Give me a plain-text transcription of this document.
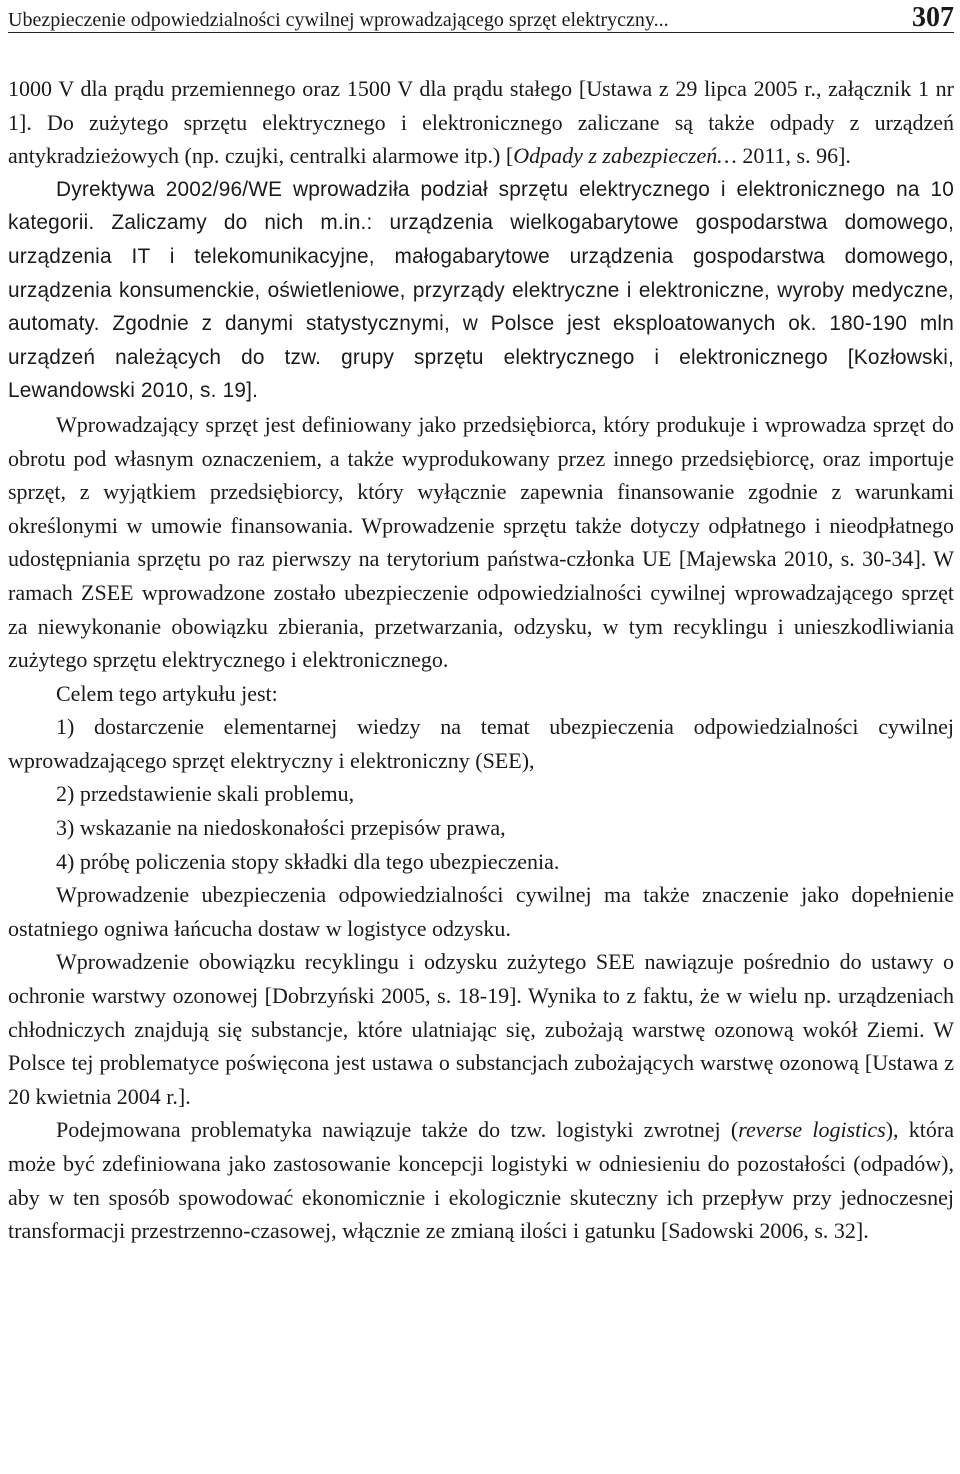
Ubezpieczenie odpowiedzialności cywilnej wprowadzającego sprzęt elektryczny...	307

1000 V dla prądu przemiennego oraz 1500 V dla prądu stałego [Ustawa z 29 lipca 2005 r., załącznik 1 nr 1]. Do zużytego sprzętu elektrycznego i elektronicznego zaliczane są także odpady z urządzeń antykradzieżowych (np. czujki, centralki alarmowe itp.) [Odpady z zabezpieczeń… 2011, s. 96].

Dyrektywa 2002/96/WE wprowadziła podział sprzętu elektrycznego i elektronicznego na 10 kategorii. Zaliczamy do nich m.in.: urządzenia wielkogabarytowe gospodarstwa domowego, urządzenia IT i telekomunikacyjne, małogabarytowe urządzenia gospodarstwa domowego, urządzenia konsumenckie, oświetleniowe, przyrządy elektryczne i elektroniczne, wyroby medyczne, automaty. Zgodnie z danymi statystycznymi, w Polsce jest eksploatowanych ok. 180-190 mln urządzeń należących do tzw. grupy sprzętu elektrycznego i elektronicznego [Kozłowski, Lewandowski 2010, s. 19].

Wprowadzający sprzęt jest definiowany jako przedsiębiorca, który produkuje i wprowadza sprzęt do obrotu pod własnym oznaczeniem, a także wyprodukowany przez innego przedsiębiorcę, oraz importuje sprzęt, z wyjątkiem przedsiębiorcy, który wyłącznie zapewnia finansowanie zgodnie z warunkami określonymi w umowie finansowania. Wprowadzenie sprzętu także dotyczy odpłatnego i nieodpłatnego udostępniania sprzętu po raz pierwszy na terytorium państwa-członka UE [Majewska 2010, s. 30-34]. W ramach ZSEE wprowadzone zostało ubezpieczenie odpowiedzialności cywilnej wprowadzającego sprzęt za niewykonanie obowiązku zbierania, przetwarzania, odzysku, w tym recyklingu i unieszkodliwiania zużytego sprzętu elektrycznego i elektronicznego.

Celem tego artykułu jest:

1) dostarczenie elementarnej wiedzy na temat ubezpieczenia odpowiedzialności cywilnej wprowadzającego sprzęt elektryczny i elektroniczny (SEE),

2) przedstawienie skali problemu,

3) wskazanie na niedoskonałości przepisów prawa,

4) próbę policzenia stopy składki dla tego ubezpieczenia.

Wprowadzenie ubezpieczenia odpowiedzialności cywilnej ma także znaczenie jako dopełnienie ostatniego ogniwa łańcucha dostaw w logistyce odzysku.

Wprowadzenie obowiązku recyklingu i odzysku zużytego SEE nawiązuje pośrednio do ustawy o ochronie warstwy ozonowej [Dobrzyński 2005, s. 18-19]. Wynika to z faktu, że w wielu np. urządzeniach chłodniczych znajdują się substancje, które ulatniając się, zubożają warstwę ozonową wokół Ziemi. W Polsce tej problematyce poświęcona jest ustawa o substancjach zubożających warstwę ozonową [Ustawa z 20 kwietnia 2004 r.].

Podejmowana problematyka nawiązuje także do tzw. logistyki zwrotnej (reverse logistics), która może być zdefiniowana jako zastosowanie koncepcji logistyki w odniesieniu do pozostałości (odpadów), aby w ten sposób spowodować ekonomicznie i ekologicznie skuteczny ich przepływ przy jednoczesnej transformacji przestrzenno-czasowej, włącznie ze zmianą ilości i gatunku [Sadowski 2006, s. 32].
